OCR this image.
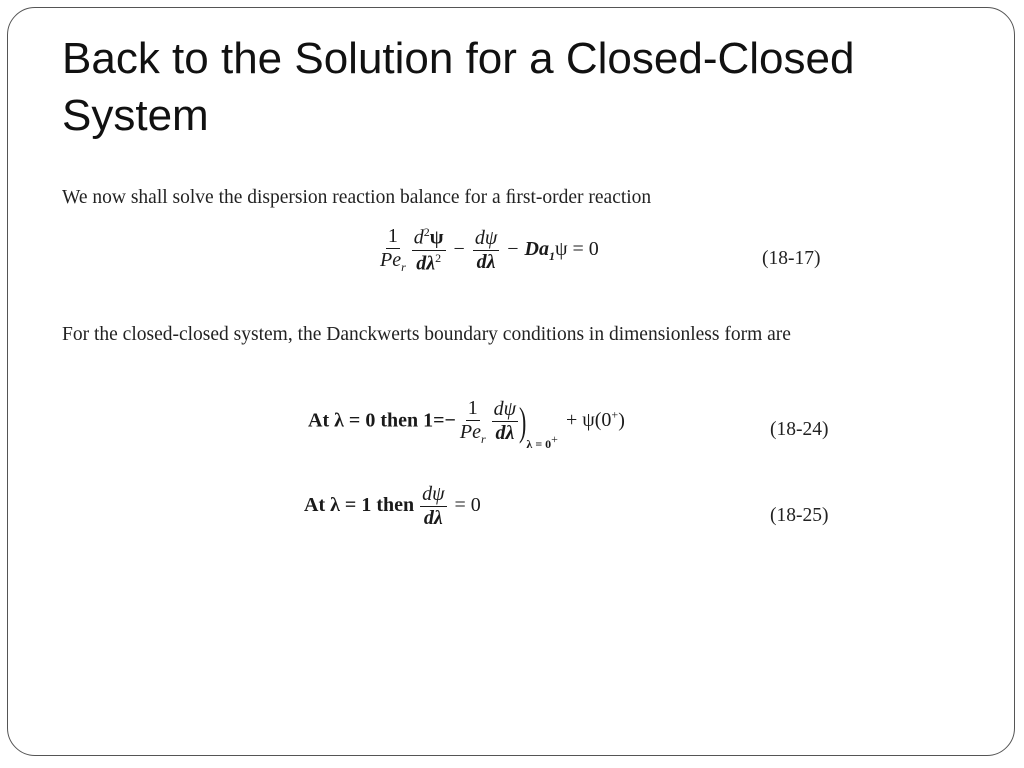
Back to the Solution for a Closed-Closed System

We now shall solve the dispersion reaction balance for a ﬁrst-order reaction

$\frac{1}{Pe_r} \frac{d^2\psi}{d\lambda^2} - \frac{d\psi}{d\lambda} - Da_1\psi = 0$	(18-17)

For the closed-closed system, the Danckwerts boundary conditions in dimensionless form are

At λ = 0 then $1=- \frac{1}{Pe_r} \frac{d\psi}{d\lambda}$ ) λ = 0+
+ ψ(0+)	(18-24)
At λ = 1 then $\frac{d\psi}{d\lambda} = 0$	(18-25)
